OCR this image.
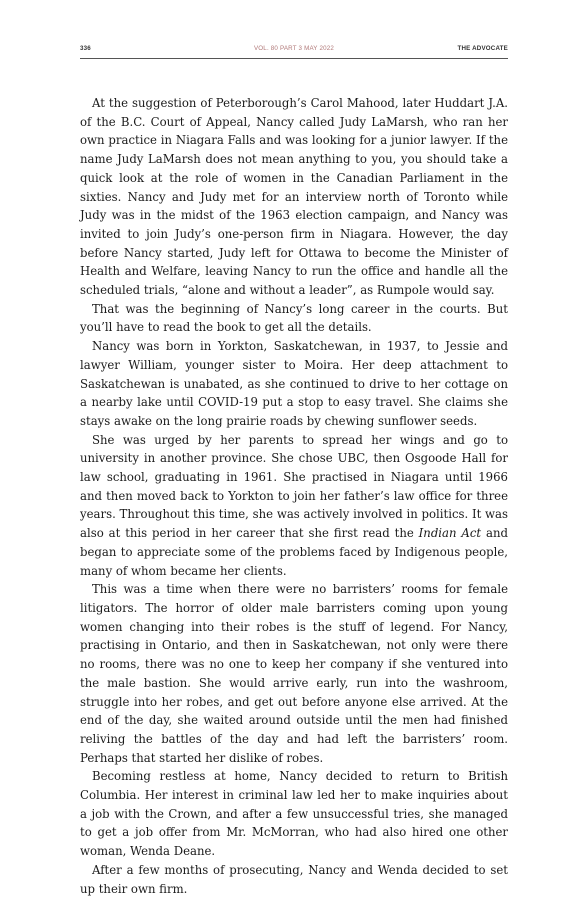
336	VOL. 80 PART 3 MAY 2022	THE ADVOCATE

At the suggestion of Peterborough’s Carol Mahood, later Huddart J.A. of the B.C. Court of Appeal, Nancy called Judy LaMarsh, who ran her own practice in Niagara Falls and was looking for a junior lawyer. If the name Judy LaMarsh does not mean anything to you, you should take a quick look at the role of women in the Canadian Parliament in the sixties. Nancy and Judy met for an interview north of Toronto while Judy was in the midst of the 1963 election campaign, and Nancy was invited to join Judy’s one-person firm in Niagara. However, the day before Nancy started, Judy left for Ottawa to become the Minister of Health and Welfare, leaving Nancy to run the office and handle all the scheduled trials, “alone and without a leader”, as Rumpole would say.

That was the beginning of Nancy’s long career in the courts. But you’ll have to read the book to get all the details.

Nancy was born in Yorkton, Saskatchewan, in 1937, to Jessie and lawyer William, younger sister to Moira. Her deep attachment to Saskatchewan is unabated, as she continued to drive to her cottage on a nearby lake until COVID-19 put a stop to easy travel. She claims she stays awake on the long prairie roads by chewing sunflower seeds.

She was urged by her parents to spread her wings and go to university in another province. She chose UBC, then Osgoode Hall for law school, graduating in 1961. She practised in Niagara until 1966 and then moved back to Yorkton to join her father’s law office for three years. Throughout this time, she was actively involved in politics. It was also at this period in her career that she first read the Indian Act and began to appreciate some of the problems faced by Indigenous people, many of whom became her clients.

This was a time when there were no barristers’ rooms for female litigators. The horror of older male barristers coming upon young women changing into their robes is the stuff of legend. For Nancy, practising in Ontario, and then in Saskatchewan, not only were there no rooms, there was no one to keep her company if she ventured into the male bastion. She would arrive early, run into the washroom, struggle into her robes, and get out before anyone else arrived. At the end of the day, she waited around outside until the men had finished reliving the battles of the day and had left the barristers’ room. Perhaps that started her dislike of robes.

Becoming restless at home, Nancy decided to return to British Columbia. Her interest in criminal law led her to make inquiries about a job with the Crown, and after a few unsuccessful tries, she managed to get a job offer from Mr. McMorran, who had also hired one other woman, Wenda Deane.

After a few months of prosecuting, Nancy and Wenda decided to set up their own firm.
